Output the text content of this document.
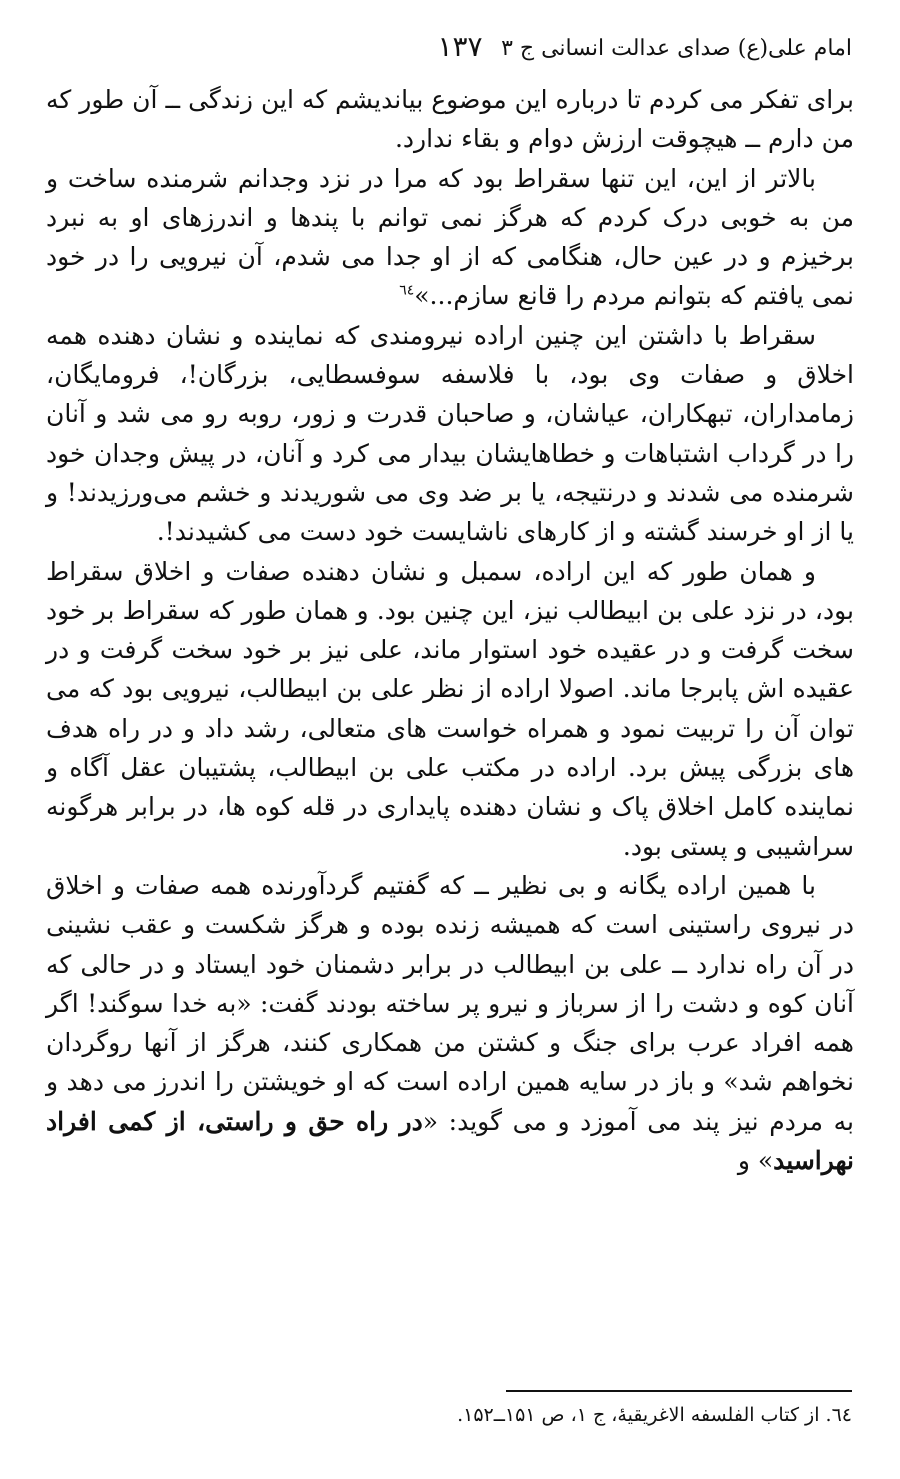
امام علی(ع) صدای عدالت انسانی ج ۳
۱۳۷

برای تفکر می کردم تا درباره این موضوع بیاندیشم که این زندگی ــ آن طور که من دارم ــ هیچوقت ارزش دوام و بقاء ندارد.

بالاتر از این، این تنها سقراط بود که مرا در نزد وجدانم شرمنده ساخت و من به خوبی درک کردم که هرگز نمی توانم با پندها و اندرزهای او به نبرد برخیزم و در عین حال، هنگامی که از او جدا می شدم، آن نیرویی را در خود نمی یافتم که بتوانم مردم را قانع سازم...»$^{٦٤}$

سقراط با داشتن این چنین اراده نیرومندی که نماینده و نشان دهنده همه اخلاق و صفات وی بود، با فلاسفه سوفسطایی، بزرگان!، فرومایگان، زمامداران، تبهکاران، عیاشان، و صاحبان قدرت و زور، روبه رو می شد و آنان را در گرداب اشتباهات و خطاهایشان بیدار می کرد و آنان، در پیش وجدان خود شرمنده می شدند و درنتیجه، یا بر ضد وی می شوریدند و خشم می‌ورزیدند! و یا از او خرسند گشته و از کارهای ناشایست خود دست می کشیدند!.

و همان طور که این اراده، سمبل و نشان دهنده صفات و اخلاق سقراط بود، در نزد علی بن ابیطالب نیز، این چنین بود. و همان طور که سقراط بر خود سخت گرفت و در عقیده خود استوار ماند، علی نیز بر خود سخت گرفت و در عقیده اش پابرجا ماند. اصولا اراده از نظر علی بن ابیطالب، نیرویی بود که می توان آن را تربیت نمود و همراه خواست های متعالی، رشد داد و در راه هدف های بزرگی پیش برد. اراده در مکتب علی بن ابیطالب، پشتیبان عقل آگاه و نماینده کامل اخلاق پاک و نشان دهنده پایداری در قله کوه ها، در برابر هرگونه سراشیبی و پستی بود.

با همین اراده یگانه و بی نظیر ــ که گفتیم گردآورنده همه صفات و اخلاق در نیروی راستینی است که همیشه زنده بوده و هرگز شکست و عقب نشینی در آن راه ندارد ــ علی بن ابیطالب در برابر دشمنان خود ایستاد و در حالی که آنان کوه و دشت را از سرباز و نیرو پر ساخته بودند گفت: «به خدا سوگند! اگر همه افراد عرب برای جنگ و کشتن من همکاری کنند، هرگز از آنها روگردان نخواهم شد» و باز در سایه همین اراده است که او خویشتن را اندرز می دهد و به مردم نیز پند می آموزد و می گوید: «در راه حق و راستی، از کمی افراد نهراسید» و

٦٤. از کتاب الفلسفه الاغریقیهٔ، ج ۱، ص ۱۵۱ــ۱۵۲.
